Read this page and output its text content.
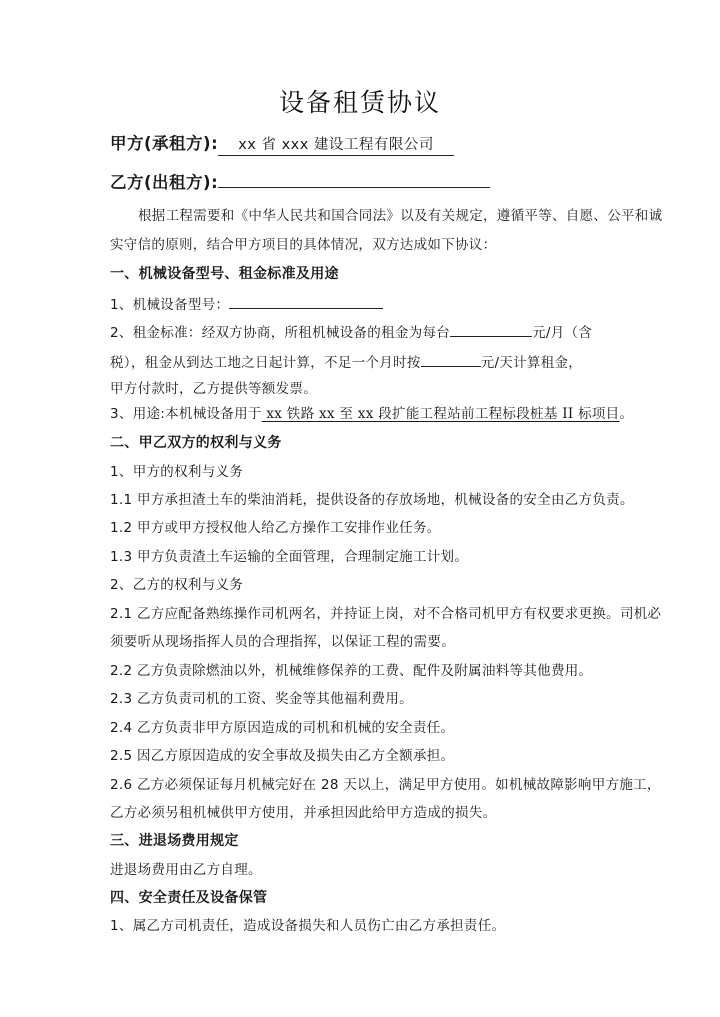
设备租赁协议
甲方(承租方): xx 省 xxx 建设工程有限公司
乙方(出租方):
根据工程需要和《中华人民共和国合同法》以及有关规定，遵循平等、自愿、公平和诚
实守信的原则，结合甲方项目的具体情况，双方达成如下协议：
一、机械设备型号、租金标准及用途
1、机械设备型号：
2、租金标准：经双方协商，所租机械设备的租金为每台	元/月（含
税），租金从到达工地之日起计算，不足一个月时按	元/天计算租金，
甲方付款时，乙方提供等额发票。
3、用途:本机械设备用于 xx 铁路 xx 至 xx 段扩能工程站前工程标段桩基 II 标项目。
二、甲乙双方的权利与义务
1、甲方的权利与义务
1.1 甲方承担渣土车的柴油消耗，提供设备的存放场地，机械设备的安全由乙方负责。
1.2 甲方或甲方授权他人给乙方操作工安排作业任务。
1.3 甲方负责渣土车运输的全面管理，合理制定施工计划。
2、乙方的权利与义务
2.1 乙方应配备熟练操作司机两名，并持证上岗，对不合格司机甲方有权要求更换。司机必
须要听从现场指挥人员的合理指挥，以保证工程的需要。
2.2 乙方负责除燃油以外，机械维修保养的工费、配件及附属油料等其他费用。
2.3 乙方负责司机的工资、奖金等其他福利费用。
2.4 乙方负责非甲方原因造成的司机和机械的安全责任。
2.5 因乙方原因造成的安全事故及损失由乙方全额承担。
2.6 乙方必须保证每月机械完好在 28 天以上，满足甲方使用。如机械故障影响甲方施工，
乙方必须另租机械供甲方使用，并承担因此给甲方造成的损失。
三、进退场费用规定
进退场费用由乙方自理。
四、安全责任及设备保管
1、属乙方司机责任，造成设备损失和人员伤亡由乙方承担责任。
